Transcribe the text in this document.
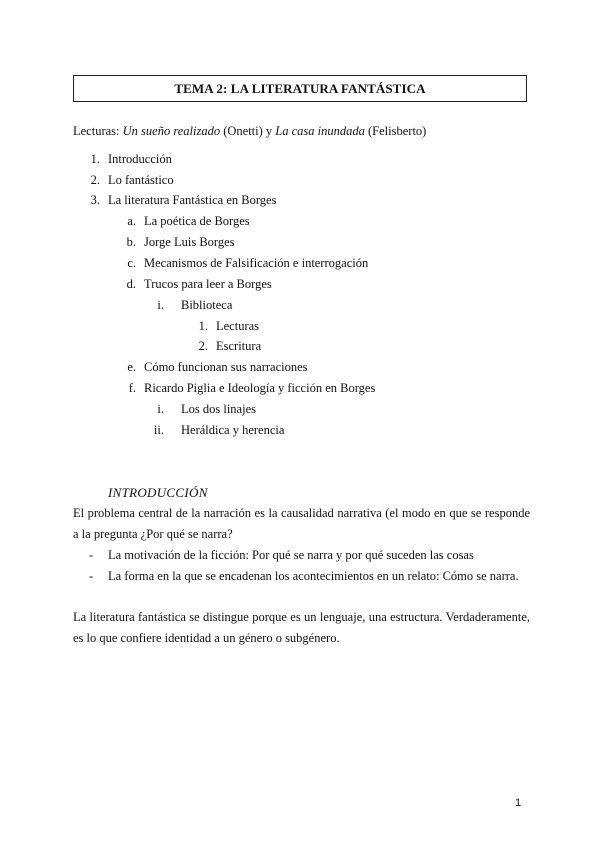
TEMA 2: LA LITERATURA FANTÁSTICA
Lecturas: Un sueño realizado (Onetti) y La casa inundada (Felisberto)
1. Introducción
2. Lo fantástico
3. La literatura Fantástica en Borges
a. La poética de Borges
b. Jorge Luis Borges
c. Mecanismos de Falsificación e interrogación
d. Trucos para leer a Borges
i. Biblioteca
1. Lecturas
2. Escritura
e. Cómo funcionan sus narraciones
f. Ricardo Piglia e Ideología y ficción en Borges
i. Los dos linajes
ii. Heráldica y herencia
INTRODUCCIÓN
El problema central de la narración es la causalidad narrativa (el modo en que se responde a la pregunta ¿Por qué se narra?
- La motivación de la ficción: Por qué se narra y por qué suceden las cosas
- La forma en la que se encadenan los acontecimientos en un relato: Cómo se narra.
La literatura fantástica se distingue porque es un lenguaje, una estructura. Verdaderamente, es lo que confiere identidad a un género o subgénero.
1
